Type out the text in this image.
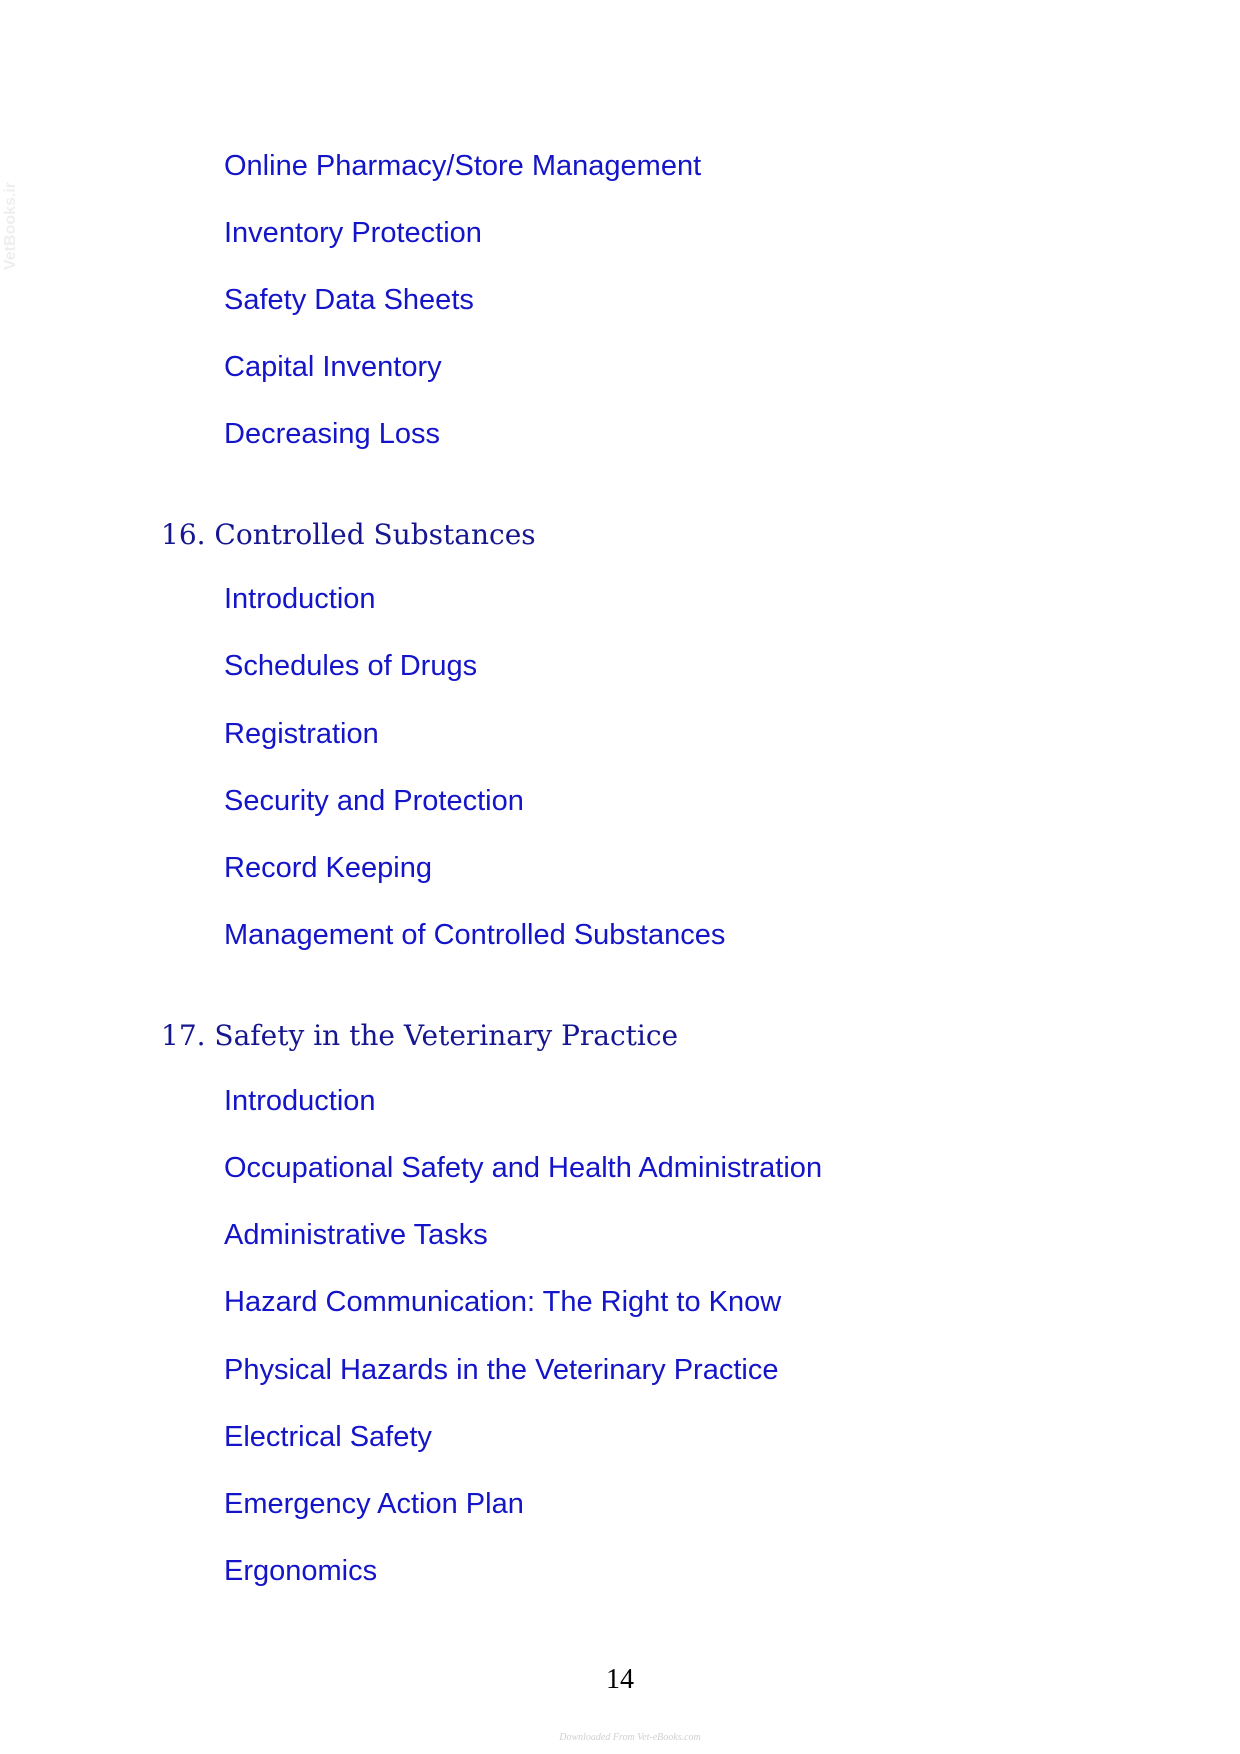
VetBooks.ir
Online Pharmacy/Store Management
Inventory Protection
Safety Data Sheets
Capital Inventory
Decreasing Loss
16. Controlled Substances
Introduction
Schedules of Drugs
Registration
Security and Protection
Record Keeping
Management of Controlled Substances
17. Safety in the Veterinary Practice
Introduction
Occupational Safety and Health Administration
Administrative Tasks
Hazard Communication: The Right to Know
Physical Hazards in the Veterinary Practice
Electrical Safety
Emergency Action Plan
Ergonomics
14
Downloaded From Vet-eBooks.com
